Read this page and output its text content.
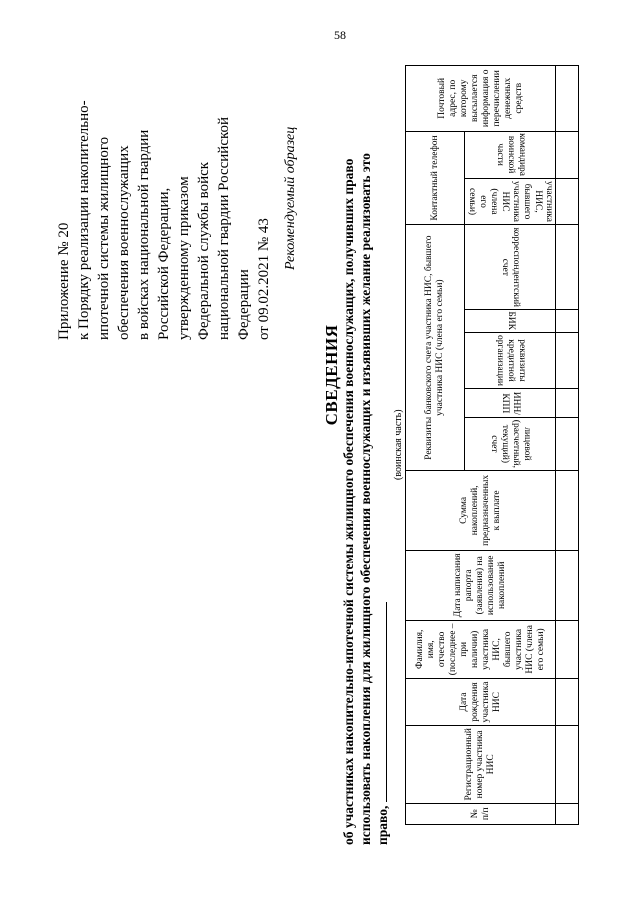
58
Приложение № 20 к Порядку реализации накопительно- ипотечной системы жилищного обеспечения военнослужащих в войсках национальной гвардии Российской Федерации, утвержденному приказом Федеральной службы войск национальной гвардии Российской Федерации от 09.02.2021 № 43
Рекомендуемый образец
СВЕДЕНИЯ об участниках накопительно-ипотечной системы жилищного обеспечения военнослужащих, получивших право использовать накопления для жилищного обеспечения военнослужащих и изъявивших желание реализовать это право,
(воинская часть)
№ п/п	Регистрационный номер участника НИС	Дата рождения участника НИС	Фамилия, имя, отчество (последнее – при наличии) участника НИС, бывшего участника НИС (члена его семьи)	Дата написания рапорта (заявления) на использование накоплений	Сумма накоплений, предназначенных к выплате	Реквизиты банковского счета участника НИС, бывшего участника НИС (члена его семьи)					Контактный телефон		Почтовый адрес, по которому высылается информация о перечислении денежных средств
						лицевой (расчетный, текущий) счет	ИНН/ КПП	реквизиты кредитной организации	БИК	корреспондентский счет	участника НИС, бывшего участника НИС (члена его семьи)	командира воинской части	
